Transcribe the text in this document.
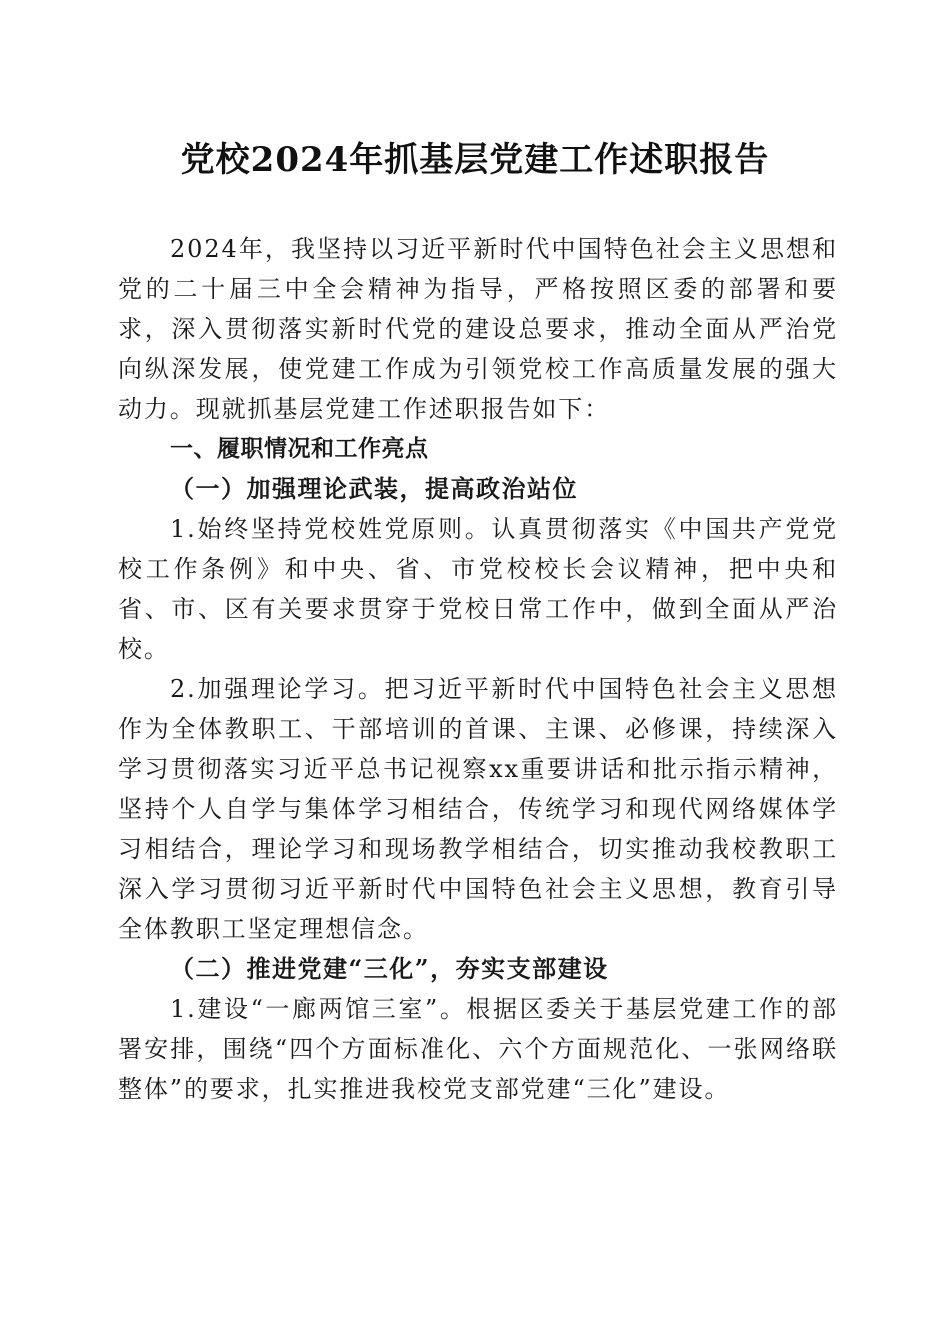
党校2024年抓基层党建工作述职报告

2024年，我坚持以习近平新时代中国特色社会主义思想和党的二十届三中全会精神为指导，严格按照区委的部署和要求，深入贯彻落实新时代党的建设总要求，推动全面从严治党向纵深发展，使党建工作成为引领党校工作高质量发展的强大动力。现就抓基层党建工作述职报告如下：

一、履职情况和工作亮点

（一）加强理论武装，提高政治站位

1.始终坚持党校姓党原则。认真贯彻落实《中国共产党党校工作条例》和中央、省、市党校校长会议精神，把中央和省、市、区有关要求贯穿于党校日常工作中，做到全面从严治校。

2.加强理论学习。把习近平新时代中国特色社会主义思想作为全体教职工、干部培训的首课、主课、必修课，持续深入学习贯彻落实习近平总书记视察xx重要讲话和批示指示精神，坚持个人自学与集体学习相结合，传统学习和现代网络媒体学习相结合，理论学习和现场教学相结合，切实推动我校教职工深入学习贯彻习近平新时代中国特色社会主义思想，教育引导全体教职工坚定理想信念。

（二）推进党建“三化”，夯实支部建设

1.建设“一廊两馆三室”。根据区委关于基层党建工作的部署安排，围绕“四个方面标准化、六个方面规范化、一张网络联整体”的要求，扎实推进我校党支部党建“三化”建设。
